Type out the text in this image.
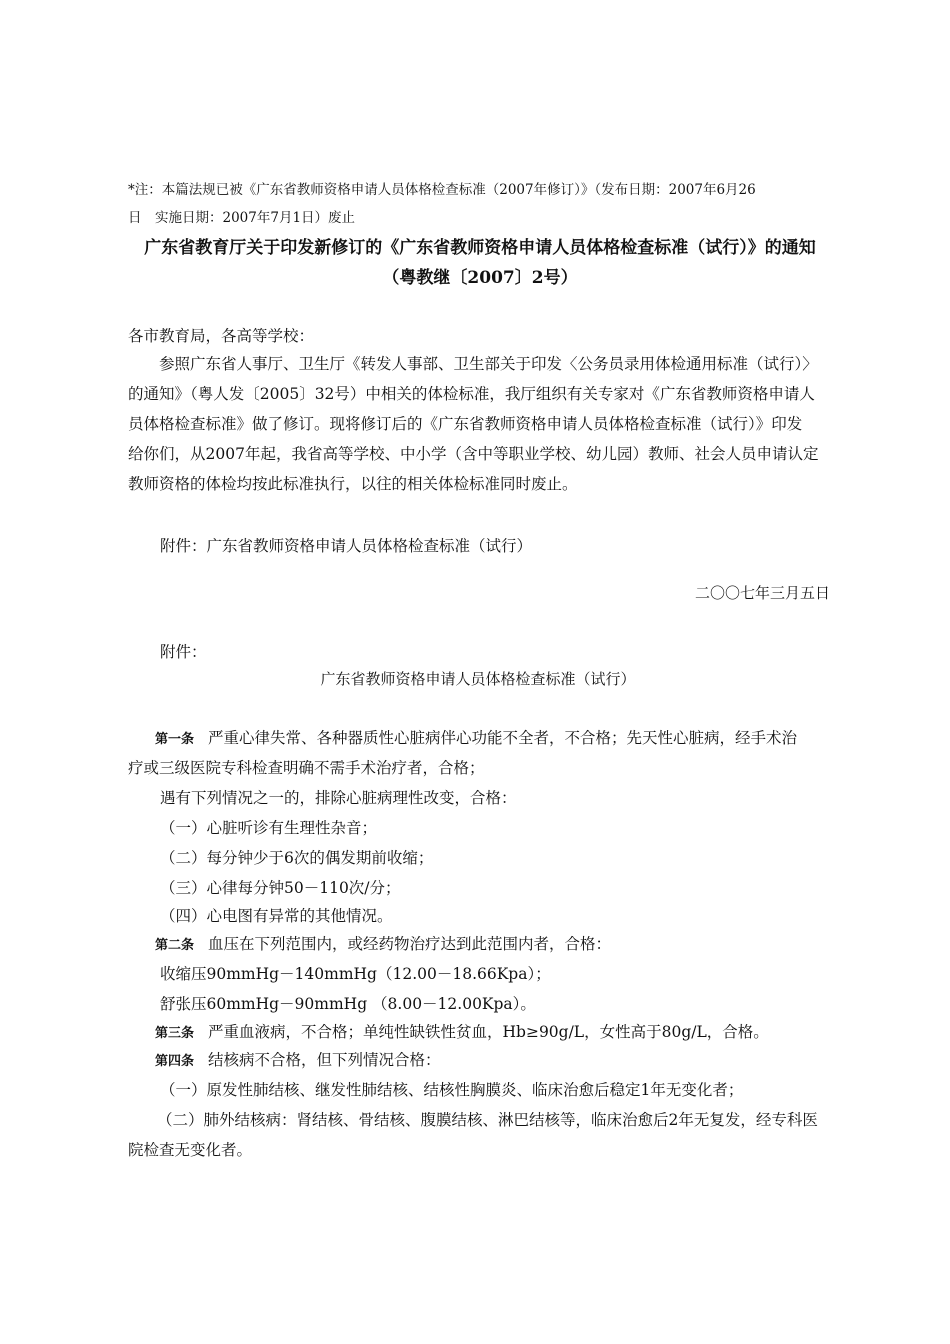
*注：本篇法规已被《广东省教师资格申请人员体格检查标准（2007年修订）》（发布日期：2007年6月26
日　实施日期：2007年7月1日）废止
广东省教育厅关于印发新修订的《广东省教师资格申请人员体格检查标准（试行）》的通知
（粤教继〔2007〕2号）
各市教育局，各高等学校：
　　参照广东省人事厅、卫生厅《转发人事部、卫生部关于印发〈公务员录用体检通用标准（试行）〉
的通知》（粤人发〔2005〕32号）中相关的体检标准，我厅组织有关专家对《广东省教师资格申请人
员体格检查标准》做了修订。现将修订后的《广东省教师资格申请人员体格检查标准（试行）》印发
给你们，从2007年起，我省高等学校、中小学（含中等职业学校、幼儿园）教师、社会人员申请认定
教师资格的体检均按此标准执行，以往的相关体检标准同时废止。
附件：广东省教师资格申请人员体格检查标准（试行）
二〇〇七年三月五日
附件：
广东省教师资格申请人员体格检查标准（试行）
第一条 严重心律失常、各种器质性心脏病伴心功能不全者，不合格；先天性心脏病，经手术治
疗或三级医院专科检查明确不需手术治疗者，合格；
遇有下列情况之一的，排除心脏病理性改变，合格：
（一）心脏听诊有生理性杂音；
（二）每分钟少于6次的偶发期前收缩；
（三）心律每分钟50－110次/分；
（四）心电图有异常的其他情况。
第二条 血压在下列范围内，或经药物治疗达到此范围内者，合格：
收缩压90mmHg－140mmHg（12.00－18.66Kpa）；
舒张压60mmHg－90mmHg （8.00－12.00Kpa）。
第三条 严重血液病，不合格；单纯性缺铁性贫血，Hb≥90g/L，女性高于80g/L，合格。
第四条 结核病不合格，但下列情况合格：
（一）原发性肺结核、继发性肺结核、结核性胸膜炎、临床治愈后稳定1年无变化者；
（二）肺外结核病：肾结核、骨结核、腹膜结核、淋巴结核等，临床治愈后2年无复发，经专科医
院检查无变化者。
